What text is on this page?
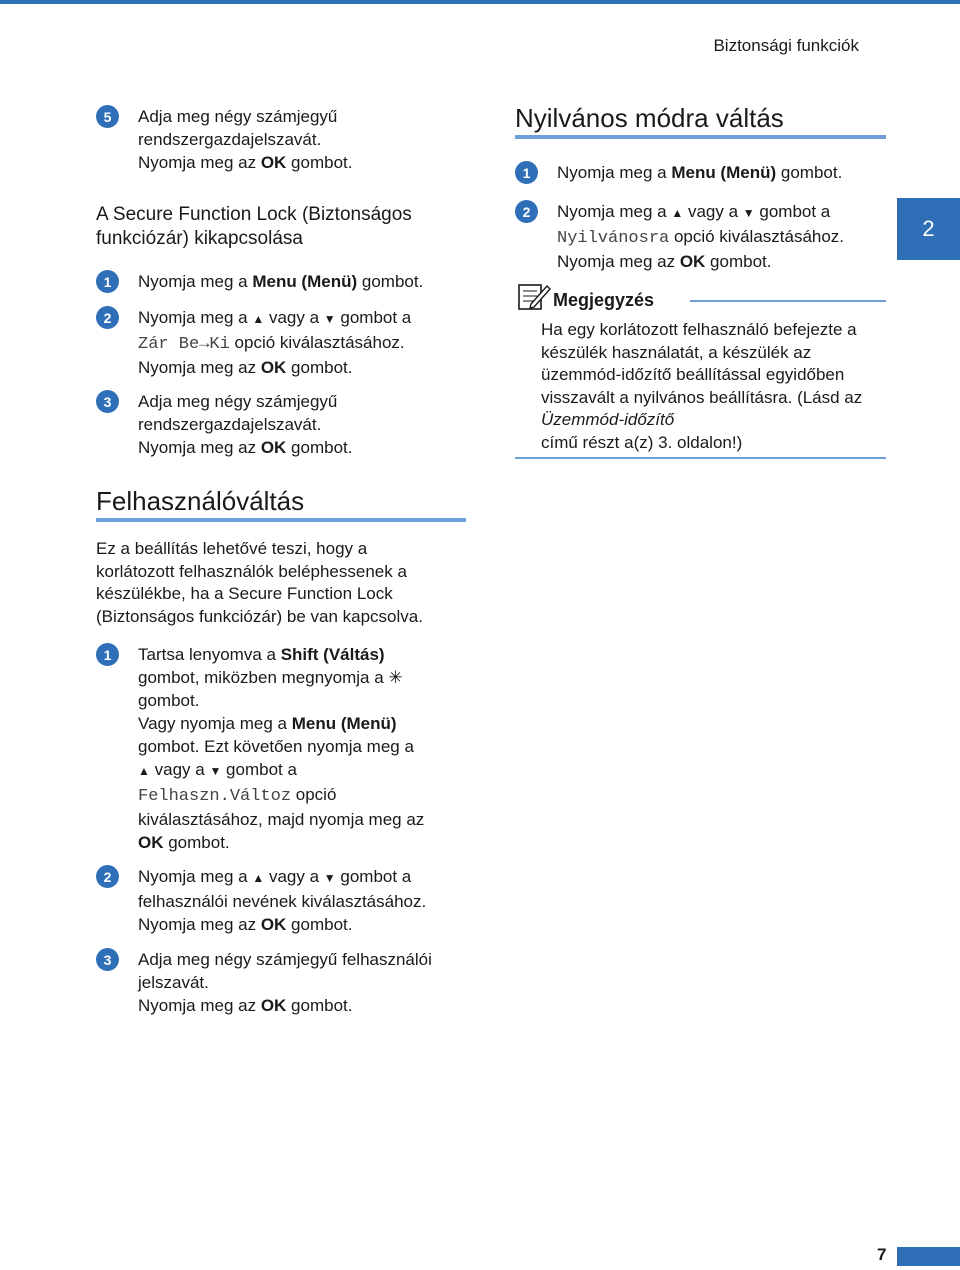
Biztonsági funkciók
2
5	Adja meg négy számjegyű
rendszergazdajelszavát.
Nyomja meg az OK gombot.
A Secure Function Lock (Biztonságos
funkciózár) kikapcsolása
1	Nyomja meg a Menu (Menü) gombot.
2	Nyomja meg a ▲ vagy a ▼ gombot a
Zár Be→Ki opció kiválasztásához.
Nyomja meg az OK gombot.
3	Adja meg négy számjegyű
rendszergazdajelszavát.
Nyomja meg az OK gombot.
Felhasználóváltás
Ez a beállítás lehetővé teszi, hogy a
korlátozott felhasználók beléphessenek a
készülékbe, ha a Secure Function Lock
(Biztonságos funkciózár) be van kapcsolva.
1	Tartsa lenyomva a Shift (Váltás)
gombot, miközben megnyomja a ✳
gombot.
Vagy nyomja meg a Menu (Menü)
gombot. Ezt követően nyomja meg a
▲ vagy a ▼ gombot a
Felhaszn.Változ opció
kiválasztásához, majd nyomja meg az
OK gombot.
2	Nyomja meg a ▲ vagy a ▼ gombot a
felhasználói nevének kiválasztásához.
Nyomja meg az OK gombot.
3	Adja meg négy számjegyű felhasználói
jelszavát.
Nyomja meg az OK gombot.
Nyilvános módra váltás
1	Nyomja meg a Menu (Menü) gombot.
2	Nyomja meg a ▲ vagy a ▼ gombot a
Nyilvánosra opció kiválasztásához.
Nyomja meg az OK gombot.
Megjegyzés
Ha egy korlátozott felhasználó befejezte a
készülék használatát, a készülék az
üzemmód-időzítő beállítással egyidőben
visszavált a nyilvános beállításra. (Lásd az
Üzemmód-időzítő
című részt a(z) 3. oldalon!)
7
